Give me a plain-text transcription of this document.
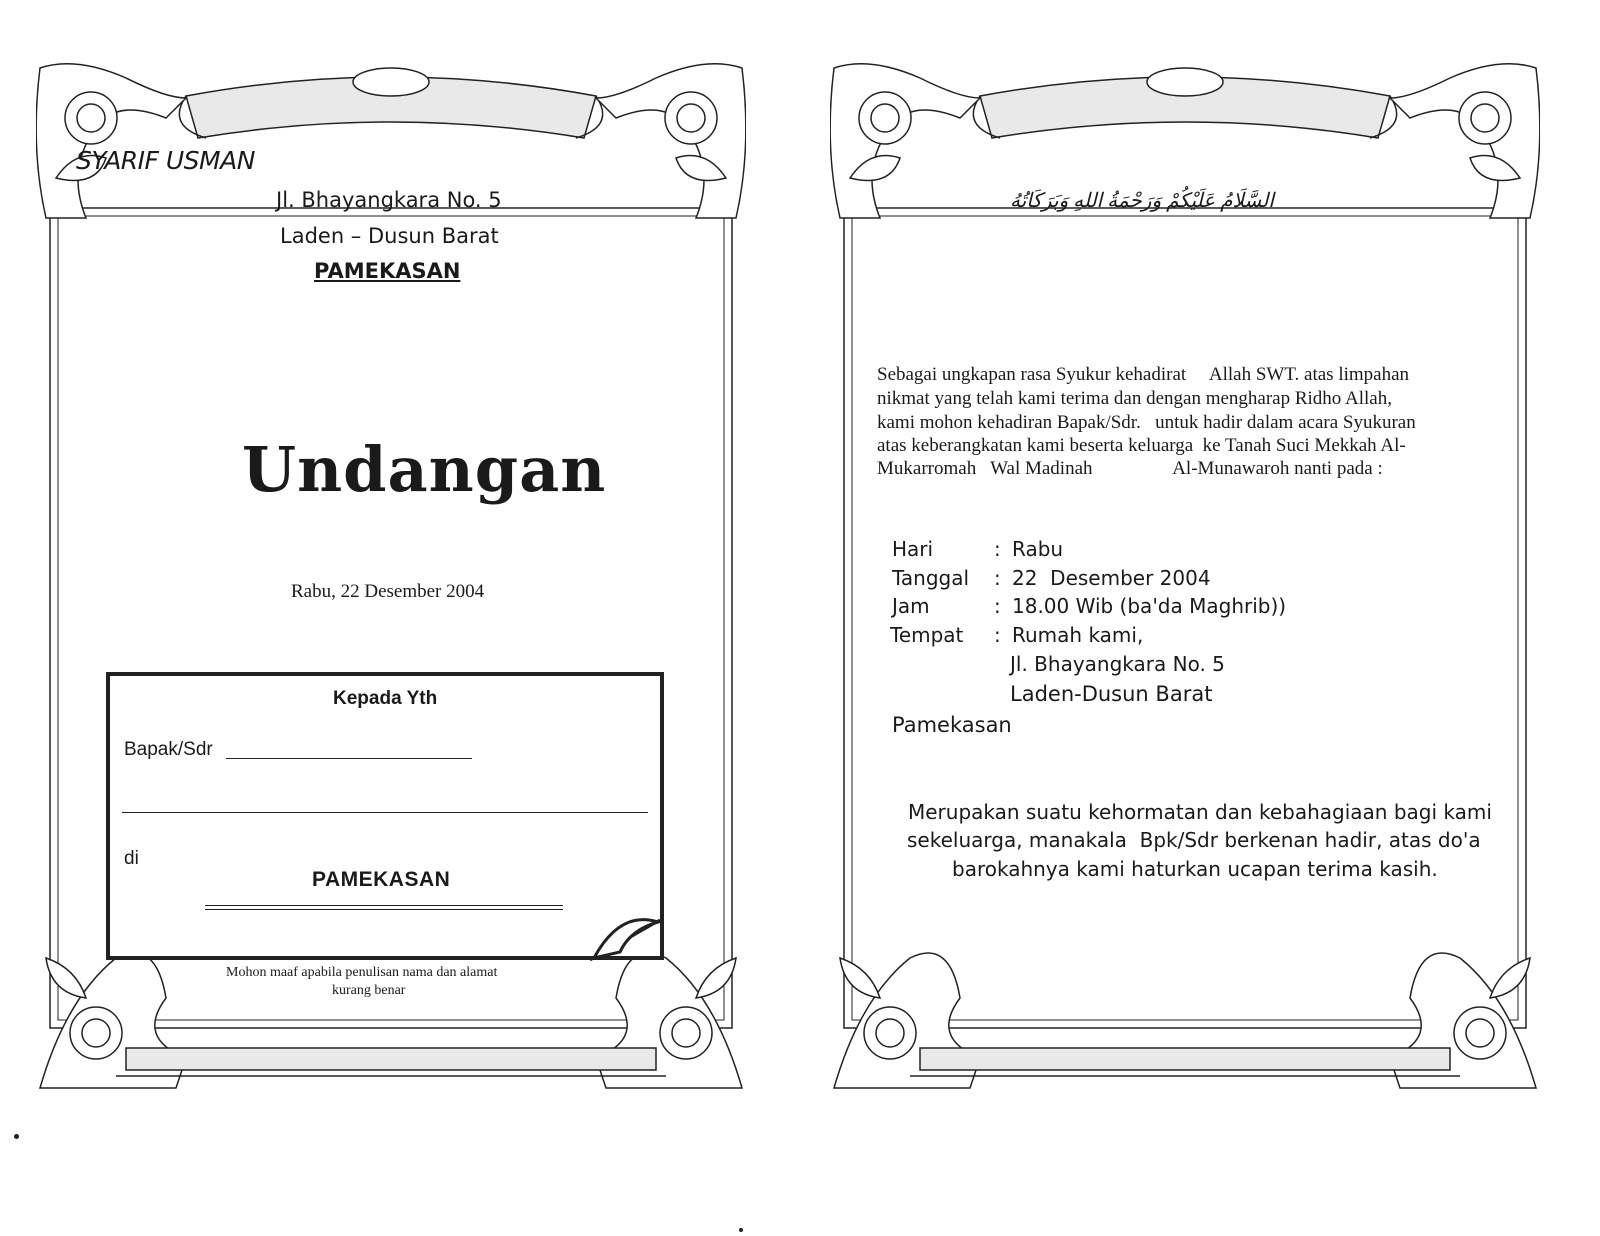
SYARIF USMAN
Jl. Bhayangkara No. 5
Laden – Dusun Barat
PAMEKASAN
Undangan
Rabu, 22 Desember 2004
Kepada Yth
Bapak/Sdr
di
PAMEKASAN
Mohon maaf apabila penulisan nama dan alamat
kurang benar
السَّلَامُ عَلَيْكُمْ وَرَحْمَةُ اللهِ وَبَرَكَاتُهُ
Sebagai ungkapan rasa Syukur kehadirat     Allah SWT. atas limpahan
nikmat yang telah kami terima dan dengan mengharap Ridho Allah,
kami mohon kehadiran Bapak/Sdr.   untuk hadir dalam acara Syukuran
atas keberangkatan kami beserta keluarga  ke Tanah Suci Mekkah Al-
Mukarromah   Wal Madinah                 Al-Munawaroh nanti pada :
Hari	: Rabu
Tanggal : 22  Desember 2004
Jam	: 18.00 Wib (ba'da Maghrib))
Tempat : Rumah kami,
Jl. Bhayangkara No. 5
Laden-Dusun Barat
Pamekasan
Merupakan suatu kehormatan dan kebahagiaan bagi kami
sekeluarga, manakala  Bpk/Sdr berkenan hadir, atas do'a
barokahnya kami haturkan ucapan terima kasih.
